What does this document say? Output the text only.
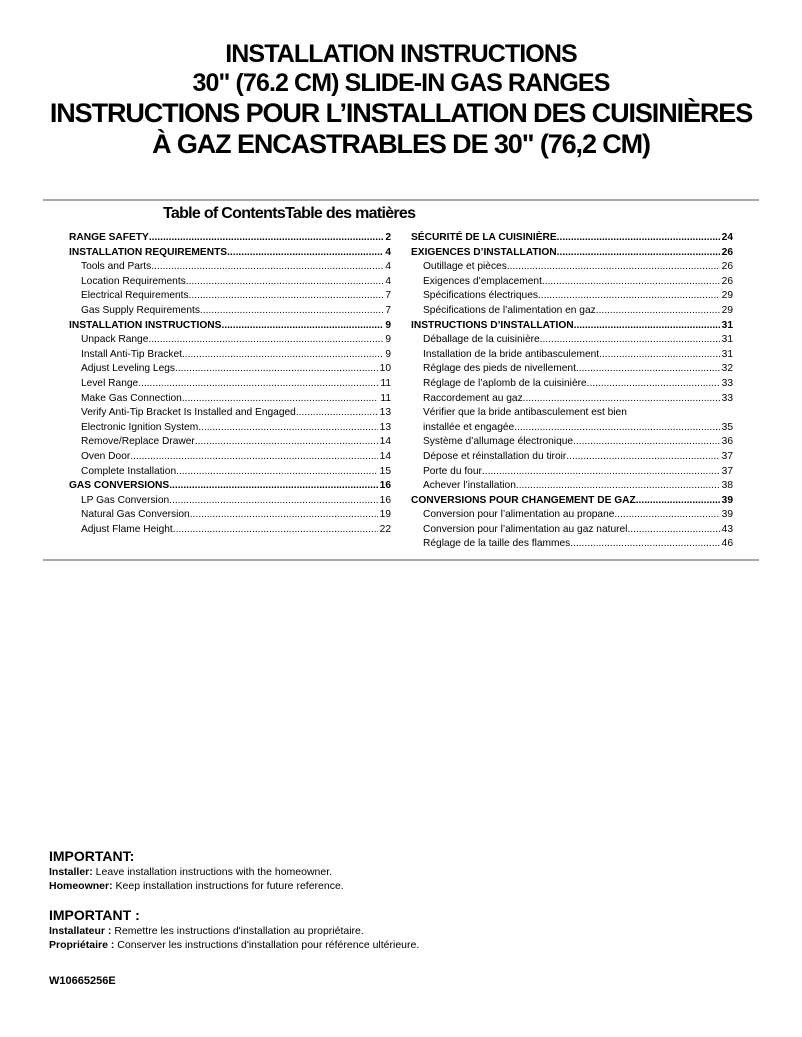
INSTALLATION INSTRUCTIONS
30" (76.2 CM) SLIDE-IN GAS RANGES
INSTRUCTIONS POUR L’INSTALLATION DES CUISINIÈRES
À GAZ ENCASTRABLES DE 30" (76,2 CM)
Table of ContentsTable des matières
RANGE SAFETY .....	2
INSTALLATION REQUIREMENTS .....	4
Tools and Parts .....	4
Location Requirements .....	4
Electrical Requirements .....	7
Gas Supply Requirements .....	7
INSTALLATION INSTRUCTIONS .....	9
Unpack Range .....	9
Install Anti-Tip Bracket .....	9
Adjust Leveling Legs .....	10
Level Range .....	11
Make Gas Connection .....	11
Verify Anti-Tip Bracket Is Installed and Engaged .....	13
Electronic Ignition System .....	13
Remove/Replace Drawer .....	14
Oven Door .....	14
Complete Installation .....	15
GAS CONVERSIONS .....	16
LP Gas Conversion .....	16
Natural Gas Conversion .....	19
Adjust Flame Height .....	22
SÉCURITÉ DE LA CUISINIÈRE .....	24
EXIGENCES D’INSTALLATION .....	26
Outillage et pièces .....	26
Exigences d’emplacement .....	26
Spécifications électriques .....	29
Spécifications de l’alimentation en gaz .....	29
INSTRUCTIONS D’INSTALLATION .....	31
Déballage de la cuisinière .....	31
Installation de la bride antibasculement .....	31
Réglage des pieds de nivellement .....	32
Réglage de l’aplomb de la cuisinière .....	33
Raccordement au gaz .....	33
Vérifier que la bride antibasculement est bien
installée et engagée .....	35
Système d’allumage électronique .....	36
Dépose et réinstallation du tiroir .....	37
Porte du four .....	37
Achever l’installation .....	38
CONVERSIONS POUR CHANGEMENT DE GAZ .....	39
Conversion pour l’alimentation au propane .....	39
Conversion pour l’alimentation au gaz naturel .....	43
Réglage de la taille des flammes .....	46
IMPORTANT:
Installer: Leave installation instructions with the homeowner.
Homeowner: Keep installation instructions for future reference.
IMPORTANT :
Installateur : Remettre les instructions d'installation au propriétaire.
Propriétaire : Conserver les instructions d'installation pour référence ultérieure.
W10665256E
